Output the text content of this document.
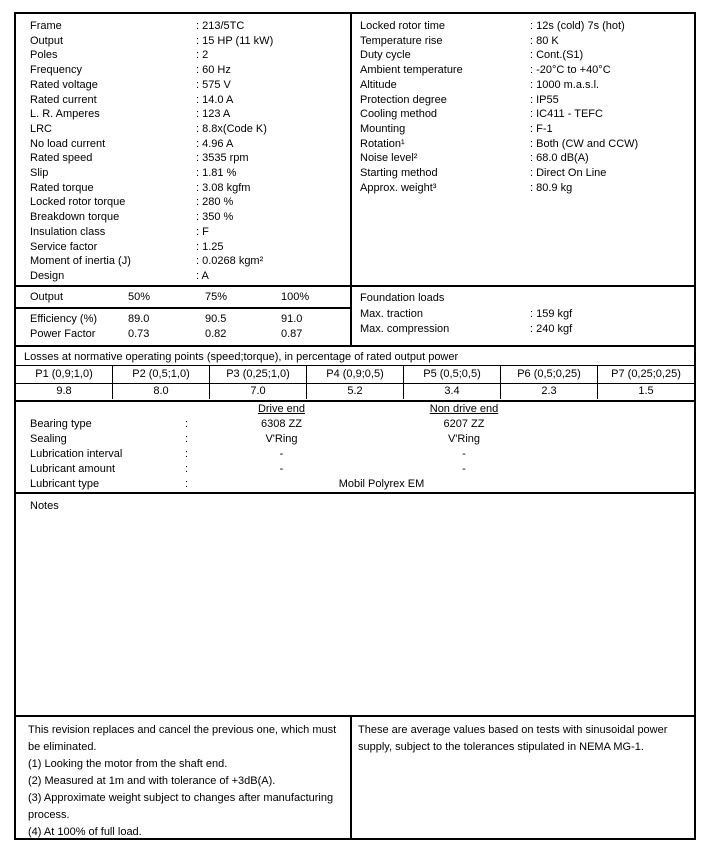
Frame	: 213/5TC
Output	: 15 HP (11 kW)
Poles	: 2
Frequency	: 60 Hz
Rated voltage	: 575 V
Rated current	: 14.0 A
L. R. Amperes	: 123 A
LRC	: 8.8x(Code K)
No load current	: 4.96 A
Rated speed	: 3535 rpm
Slip	: 1.81 %
Rated torque	: 3.08 kgfm
Locked rotor torque	: 280 %
Breakdown torque	: 350 %
Insulation class	: F
Service factor	: 1.25
Moment of inertia (J)	: 0.0268 kgm²
Design	: A
Locked rotor time	: 12s (cold) 7s (hot)
Temperature rise	: 80 K
Duty cycle	: Cont.(S1)
Ambient temperature	: -20°C to +40°C
Altitude	: 1000 m.a.s.l.
Protection degree	: IP55
Cooling method	: IC411 - TEFC
Mounting	: F-1
Rotation¹	: Both (CW and CCW)
Noise level²	: 68.0 dB(A)
Starting method	: Direct On Line
Approx. weight³	: 80.9 kg
Output	50%	75%	100%
Efficiency (%)	89.0	90.5	91.0
Power Factor	0.73	0.82	0.87
Foundation loads
Max. traction	: 159 kgf
Max. compression	: 240 kgf
Losses at normative operating points (speed;torque), in percentage of rated output power
P1 (0,9;1,0)	P2 (0,5;1,0)	P3 (0,25;1,0)	P4 (0,9;0,5)	P5 (0,5;0,5)	P6 (0,5;0,25)	P7 (0,25;0,25)
9.8	8.0	7.0	5.2	3.4	2.3	1.5
Drive end	Non drive end
Bearing type	:	6308 ZZ	6207 ZZ
Sealing	:	V'Ring	V'Ring
Lubrication interval	:	-	-
Lubricant amount	:	-	-
Lubricant type	:	Mobil Polyrex EM
Notes
This revision replaces and cancel the previous one, which must be eliminated.
(1) Looking the motor from the shaft end.
(2) Measured at 1m and with tolerance of +3dB(A).
(3) Approximate weight subject to changes after manufacturing process.
(4) At 100% of full load.
These are average values based on tests with sinusoidal power supply, subject to the tolerances stipulated in NEMA MG-1.
